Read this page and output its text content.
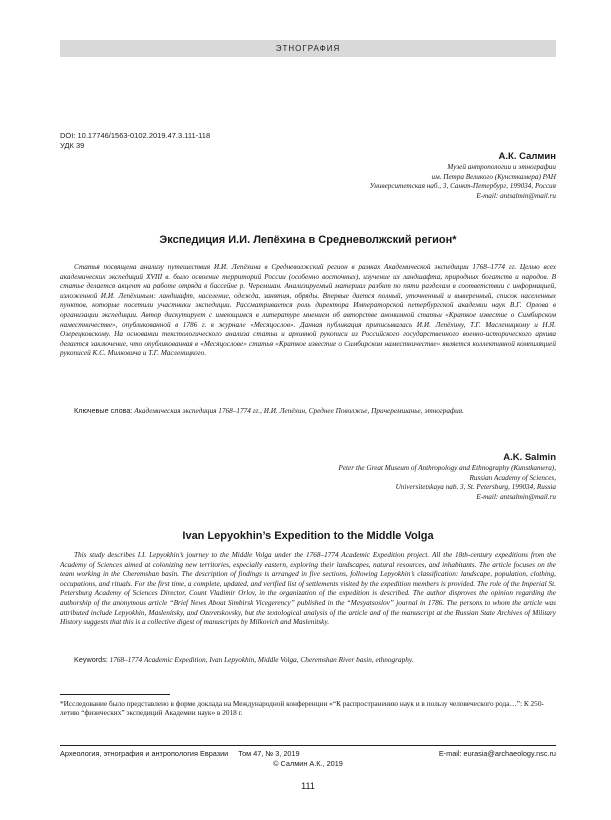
ЭТНОГРАФИЯ
DOI: 10.17746/1563-0102.2019.47.3.111-118
УДК 39
А.К. Салмин
Музей антропологии и этнографии
им. Петра Великого (Кунсткамера) РАН
Университетская наб., 3, Санкт-Петербург, 199034, Россия
E-mail: antsalmin@mail.ru
Экспедиция И.И. Лепёхина в Средневолжский регион*

Статья посвящена анализу путешествия И.И. Лепёхина в Средневолжский регион в рамках Академической экспедиции 1768–1774 гг. Целью всех академических экспедиций XVIII в. было освоение территорий России (особенно восточных), изучение их ландшафта, природных богатств и народов. В статье делается акцент на работе отряда в бассейне р. Черемшан. Анализируемый материал разбит по пяти разделам в соответствии с информацией, изложенной И.И. Лепёхиным: ландшафт, население, одежда, занятия, обряды. Впервые дается полный, уточненный и выверенный, список населенных пунктов, которые посетили участники экспедиции. Рассматривается роль директора Императорской петербургской академии наук В.Г. Орлова в организации экспедиции. Автор дискутирует с имеющимся в литературе мнением об авторстве анонимной статьи «Краткое известие о Симбирском наместничестве», опубликованной в 1786 г. в журнале «Месяцослов». Данная публикация приписывалась И.И. Лепёхину, Т.Г. Масленицкому и Н.Я. Озерецковскому. На основании текстологического анализа статьи и архивной рукописи из Российского государственного военно-исторического архива делается заключение, что опубликованная в «Месяцослове» статья «Краткое известие о Симбирском наместничестве» является коллективной компиляцией рукописей К.С. Милковича и Т.Г. Масленицкого.

Ключевые слова: Академическая экспедиция 1768–1774 гг., И.И. Лепёхин, Среднее Поволжье, Причеремшанье, этнография.
A.K. Salmin
Peter the Great Museum of Anthropology and Ethnography (Kunstkamera),
Russian Academy of Sciences,
Universitetskaya nab. 3, St. Petersburg, 199034, Russia
E-mail: antsalmin@mail.ru
Ivan Lepyokhin’s Expedition to the Middle Volga

This study describes I.I. Lepyokhin’s journey to the Middle Volga under the 1768–1774 Academic Expedition project. All the 18th-century expeditions from the Academy of Sciences aimed at colonizing new territories, especially eastern, exploring their landscapes, natural resources, and inhabitants. The article focuses on the team working in the Cheremshan basin. The description of findings is arranged in five sections, following Lepyokhin’s classification: landscape, population, clothing, occupations, and rituals. For the first time, a complete, updated, and verified list of settlements visited by the expedition members is provided. The role of the Imperial St. Petersburg Academy of Sciences Director, Count Vladimir Orlov, in the organization of the expedition is described. The author disproves the opinion regarding the authorship of the anonymous article “Brief News About Simbirsk Vicegerency” published in the “Mesyatsoslov” journal in 1786. The persons to whom the article was attributed include Lepyokhin, Maslenitsky, and Ozeretskovsky, but the textological analysis of the article and of the manuscript at the Russian State Archives of Military History suggests that this is a collective digest of manuscripts by Milkovich and Maslenitsky.

Keywords: 1768–1774 Academic Expedition, Ivan Lepyokhin, Middle Volga, Cheremshan River basin, ethnography.
*Исследование было представлено в форме доклада на Международной конференции «“К распространению наук и в пользу человеческого рода…”: К 250-летию “физических” экспедиций Академии наук» в 2018 г.
Археология, этнография и антропология Евразии Том 47, № 3, 2019	E-mail: eurasia@archaeology.nsc.ru
© Салмин А.К., 2019
111
